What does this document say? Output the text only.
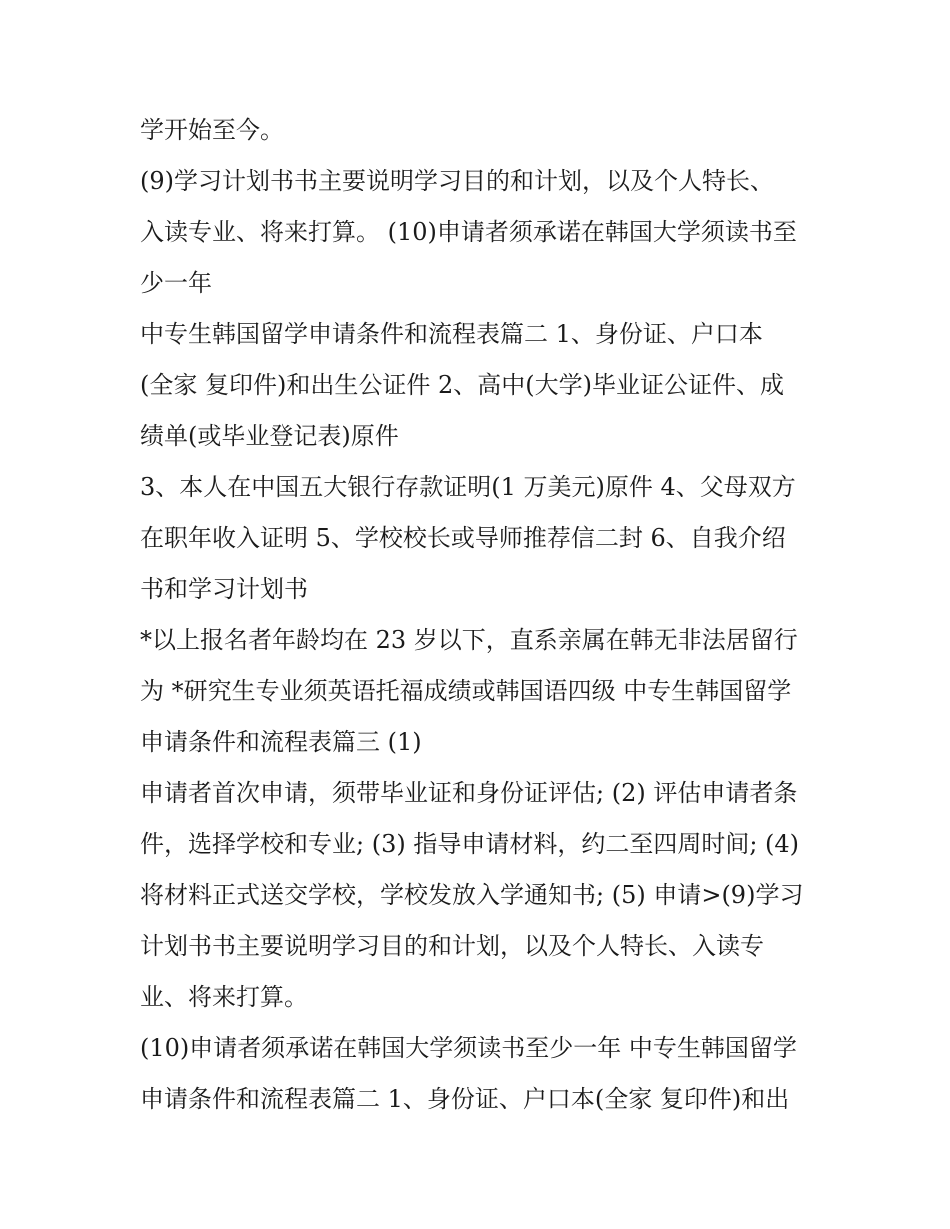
学开始至今。
(9)学习计划书书主要说明学习目的和计划，以及个人特长、
入读专业、将来打算。 (10)申请者须承诺在韩国大学须读书至
少一年
中专生韩国留学申请条件和流程表篇二 1、身份证、户口本
(全家 复印件)和出生公证件 2、高中(大学)毕业证公证件、成
绩单(或毕业登记表)原件
3、本人在中国五大银行存款证明(1 万美元)原件 4、父母双方
在职年收入证明 5、学校校长或导师推荐信二封 6、自我介绍
书和学习计划书
*以上报名者年龄均在 23 岁以下，直系亲属在韩无非法居留行
为 *研究生专业须英语托福成绩或韩国语四级 中专生韩国留学
申请条件和流程表篇三 (1)
申请者首次申请，须带毕业证和身份证评估; (2) 评估申请者条
件，选择学校和专业; (3) 指导申请材料，约二至四周时间; (4)
将材料正式送交学校，学校发放入学通知书; (5) 申请>(9)学习
计划书书主要说明学习目的和计划，以及个人特长、入读专
业、将来打算。
(10)申请者须承诺在韩国大学须读书至少一年 中专生韩国留学
申请条件和流程表篇二 1、身份证、户口本(全家 复印件)和出
